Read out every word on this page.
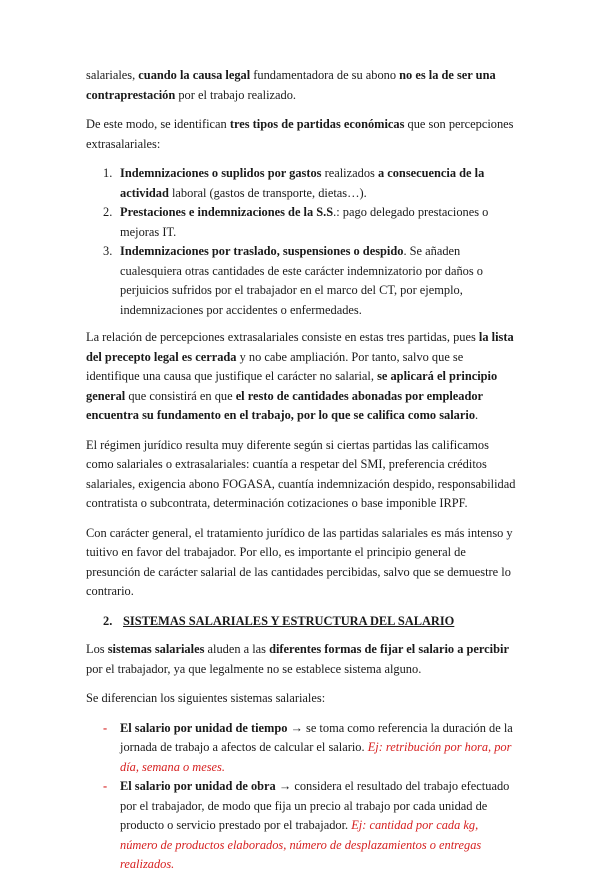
salariales, cuando la causa legal fundamentadora de su abono no es la de ser una contraprestación por el trabajo realizado.

De este modo, se identifican tres tipos de partidas económicas que son percepciones extrasalariales:

1. Indemnizaciones o suplidos por gastos realizados a consecuencia de la actividad laboral (gastos de transporte, dietas…).
2. Prestaciones e indemnizaciones de la S.S.: pago delegado prestaciones o mejoras IT.
3. Indemnizaciones por traslado, suspensiones o despido. Se añaden cualesquiera otras cantidades de este carácter indemnizatorio por daños o perjuicios sufridos por el trabajador en el marco del CT, por ejemplo, indemnizaciones por accidentes o enfermedades.

La relación de percepciones extrasalariales consiste en estas tres partidas, pues la lista del precepto legal es cerrada y no cabe ampliación. Por tanto, salvo que se identifique una causa que justifique el carácter no salarial, se aplicará el principio general que consistirá en que el resto de cantidades abonadas por empleador encuentra su fundamento en el trabajo, por lo que se califica como salario.

El régimen jurídico resulta muy diferente según si ciertas partidas las calificamos como salariales o extrasalariales: cuantía a respetar del SMI, preferencia créditos salariales, exigencia abono FOGASA, cuantía indemnización despido, responsabilidad contratista o subcontrata, determinación cotizaciones o base imponible IRPF.

Con carácter general, el tratamiento jurídico de las partidas salariales es más intenso y tuitivo en favor del trabajador. Por ello, es importante el principio general de presunción de carácter salarial de las cantidades percibidas, salvo que se demuestre lo contrario.

2. SISTEMAS SALARIALES Y ESTRUCTURA DEL SALARIO

Los sistemas salariales aluden a las diferentes formas de fijar el salario a percibir por el trabajador, ya que legalmente no se establece sistema alguno.

Se diferencian los siguientes sistemas salariales:

- El salario por unidad de tiempo → se toma como referencia la duración de la jornada de trabajo a afectos de calcular el salario. Ej: retribución por hora, por día, semana o meses.
- El salario por unidad de obra → considera el resultado del trabajo efectuado por el trabajador, de modo que fija un precio al trabajo por cada unidad de producto o servicio prestado por el trabajador. Ej: cantidad por cada kg, número de productos elaborados, número de desplazamientos o entregas realizados.
